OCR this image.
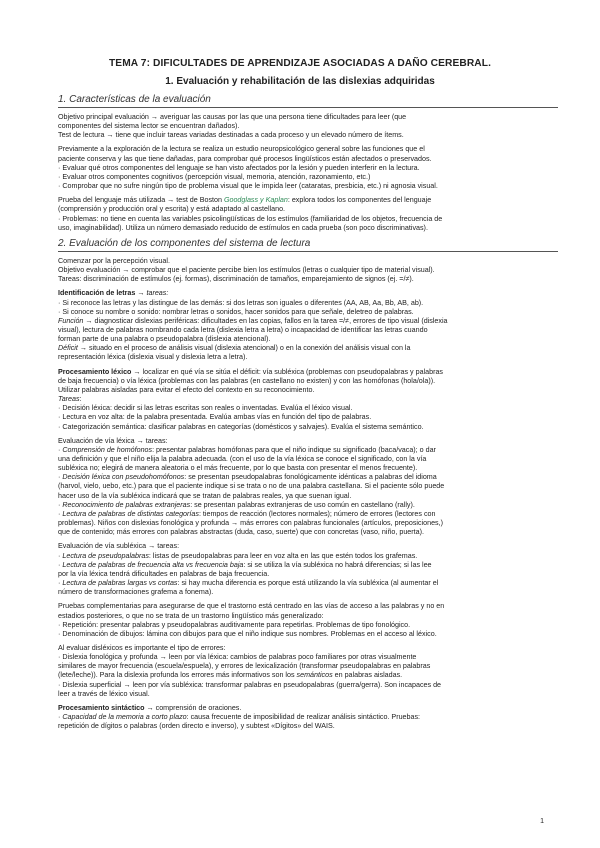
TEMA 7: DIFICULTADES DE APRENDIZAJE ASOCIADAS A DAÑO CEREBRAL.
1. Evaluación y rehabilitación de las dislexias adquiridas
1. Características de la evaluación

Objetivo principal evaluación → averiguar las causas por las que una persona tiene dificultades para leer (que
componentes del sistema lector se encuentran dañados).
Test de lectura → tiene que incluir tareas variadas destinadas a cada proceso y un elevado número de ítems.

Previamente a la exploración de la lectura se realiza un estudio neuropsicológico general sobre las funciones que el
paciente conserva y las que tiene dañadas, para comprobar qué procesos lingüísticos están afectados o preservados.
· Evaluar qué otros componentes del lenguaje se han visto afectados por la lesión y pueden interferir en la lectura.
· Evaluar otros componentes cognitivos (percepción visual, memoria, atención, razonamiento, etc.)
· Comprobar que no sufre ningún tipo de problema visual que le impida leer (cataratas, presbicia, etc.) ni agnosia visual.

Prueba del lenguaje más utilizada → test de Boston Goodglass y Kaplan: explora todos los componentes del lenguaje
(comprensión y producción oral y escrita) y está adaptado al castellano.
· Problemas: no tiene en cuenta las variables psicolingüísticas de los estímulos (familiaridad de los objetos, frecuencia de
uso, imaginabilidad). Utiliza un número demasiado reducido de estímulos en cada prueba (son poco discriminativas).

2. Evaluación de los componentes del sistema de lectura

Comenzar por la percepción visual.
Objetivo evaluación → comprobar que el paciente percibe bien los estímulos (letras o cualquier tipo de material visual).
Tareas: discriminación de estímulos (ej. formas), discriminación de tamaños, emparejamiento de signos (ej. =/≠).

Identificación de letras → tareas:
· Si reconoce las letras y las distingue de las demás: si dos letras son iguales o diferentes (AA, AB, Aa, Bb, AB, ab).
· Si conoce su nombre o sonido: nombrar letras o sonidos, hacer sonidos para que señale, deletreo de palabras.
Función → diagnosticar dislexias periféricas: dificultades en las copias, fallos en la tarea =/≠, errores de tipo visual (dislexia
visual), lectura de palabras nombrando cada letra (dislexia letra a letra) o incapacidad de identificar las letras cuando
forman parte de una palabra o pseudopalabra (dislexia atencional).
Déficit → situado en el proceso de análisis visual (dislexia atencional) o en la conexión del análisis visual con la
representación léxica (dislexia visual y dislexia letra a letra).

Procesamiento léxico → localizar en qué vía se sitúa el déficit: vía subléxica (problemas con pseudopalabras y palabras
de baja frecuencia) o vía léxica (problemas con las palabras (en castellano no existen) y con las homófonas (hola/ola)).
Utilizar palabras aisladas para evitar el efecto del contexto en su reconocimiento.
Tareas:
· Decisión léxica: decidir si las letras escritas son reales o inventadas. Evalúa el léxico visual.
· Lectura en voz alta: de la palabra presentada. Evalúa ambas vías en función del tipo de palabras.
· Categorización semántica: clasificar palabras en categorías (domésticos y salvajes). Evalúa el sistema semántico.

Evaluación de vía léxica → tareas:
· Comprensión de homófonos: presentar palabras homófonas para que el niño indique su significado (baca/vaca); o dar
una definición y que el niño elija la palabra adecuada. (con el uso de la vía léxica se conoce el significado, con la vía
subléxica no; elegirá de manera aleatoria o el más frecuente, por lo que basta con presentar el menos frecuente).
· Decisión léxica con pseudohomófonos: se presentan pseudopalabras fonológicamente idénticas a palabras del idioma
(harvol, vielo, uebo, etc.) para que el paciente indique si se trata o no de una palabra castellana. Si el paciente sólo puede
hacer uso de la vía subléxica indicará que se tratan de palabras reales, ya que suenan igual.
· Reconocimiento de palabras extranjeras: se presentan palabras extranjeras de uso común en castellano (rally).
· Lectura de palabras de distintas categorías: tiempos de reacción (lectores normales); número de errores (lectores con
problemas). Niños con dislexias fonológica y profunda → más errores con palabras funcionales (artículos, preposiciones,)
que de contenido; más errores con palabras abstractas (duda, caso, suerte) que con concretas (vaso, niño, puerta).

Evaluación de vía subléxica → tareas:
· Lectura de pseudopalabras: listas de pseudopalabras para leer en voz alta en las que estén todos los grafemas.
· Lectura de palabras de frecuencia alta vs frecuencia baja: si se utiliza la vía subléxica no habrá diferencias; si las lee
por la vía léxica tendrá dificultades en palabras de baja frecuencia.
· Lectura de palabras largas vs cortas: si hay mucha diferencia es porque está utilizando la vía subléxica (al aumentar el
número de transformaciones grafema a fonema).

Pruebas complementarias para asegurarse de que el trastorno está centrado en las vías de acceso a las palabras y no en
estadios posteriores, o que no se trata de un trastorno lingüístico más generalizado:
· Repetición: presentar palabras y pseudopalabras auditivamente para repetirlas. Problemas de tipo fonológico.
· Denominación de dibujos: lámina con dibujos para que el niño indique sus nombres. Problemas en el acceso al léxico.

Al evaluar disléxicos es importante el tipo de errores:
· Dislexia fonológica y profunda → leen por vía léxica: cambios de palabras poco familiares por otras visualmente
similares de mayor frecuencia (escuela/espuela), y errores de lexicalización (transformar pseudopalabras en palabras
(lete/leche)). Para la dislexia profunda los errores más informativos son los semánticos en palabras aisladas.
· Dislexia superficial → leen por vía subléxica: transformar palabras en pseudopalabras (guerra/gerra). Son incapaces de
leer a través de léxico visual.

Procesamiento sintáctico → comprensión de oraciones.
· Capacidad de la memoria a corto plazo: causa frecuente de imposibilidad de realizar análisis sintáctico. Pruebas:
repetición de dígitos o palabras (orden directo e inverso), y subtest «Dígitos» del WAIS.

1
